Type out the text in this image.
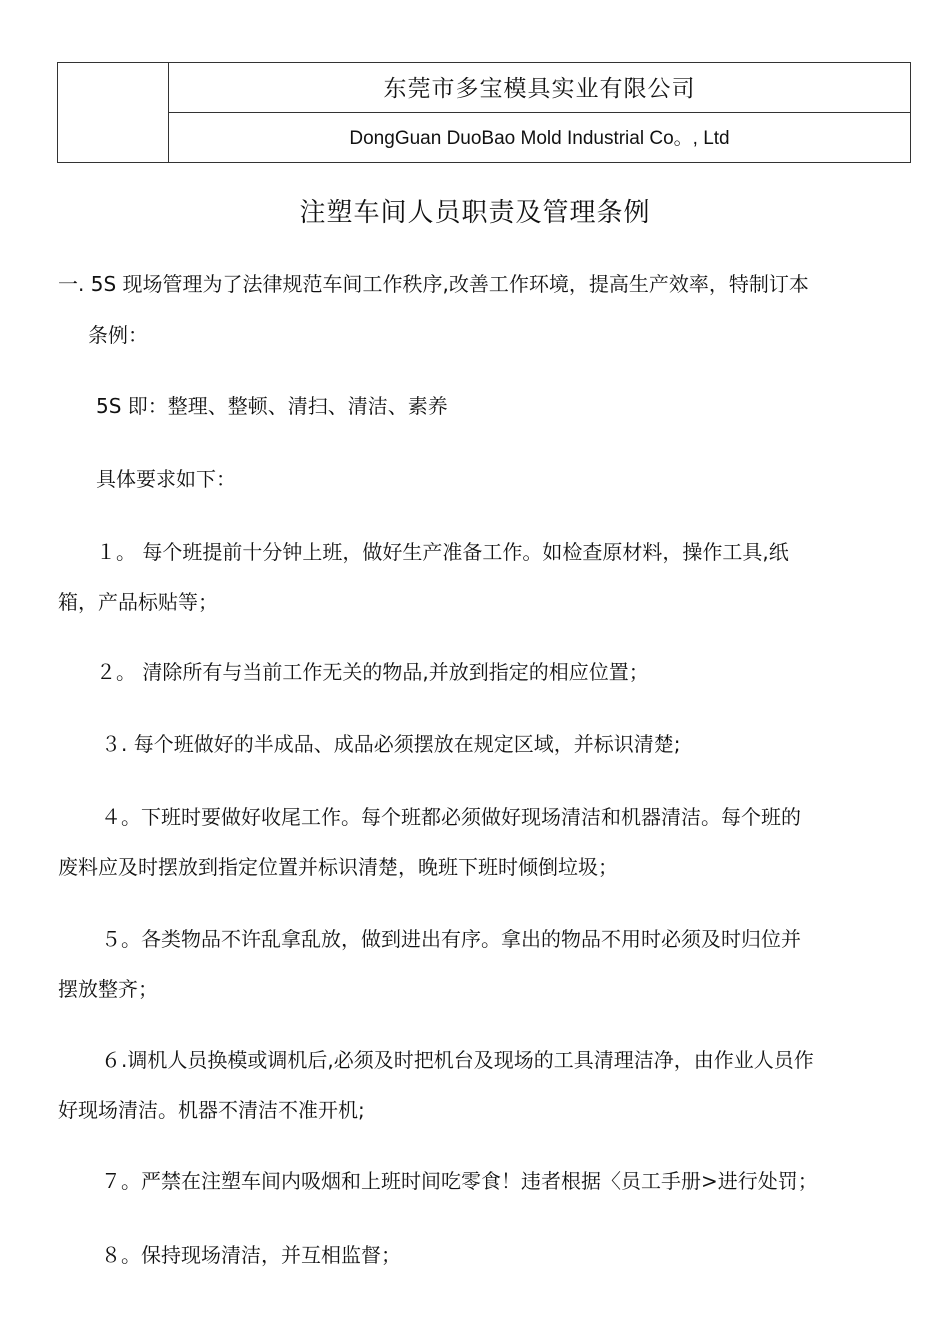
东莞市多宝模具实业有限公司
DongGuan DuoBao Mold Industrial Co。, Ltd
注塑车间人员职责及管理条例
一. 5S 现场管理为了法律规范车间工作秩序,改善工作环境，提高生产效率，特制订本
条例：
5S 即：整理、整顿、清扫、清洁、素养
具体要求如下：
１。 每个班提前十分钟上班，做好生产准备工作。如检查原材料，操作工具,纸
箱，产品标贴等；
２。 清除所有与当前工作无关的物品,并放到指定的相应位置；
３. 每个班做好的半成品、成品必须摆放在规定区域，并标识清楚;
４。下班时要做好收尾工作。每个班都必须做好现场清洁和机器清洁。每个班的
废料应及时摆放到指定位置并标识清楚，晚班下班时倾倒垃圾；
５。各类物品不许乱拿乱放，做到进出有序。拿出的物品不用时必须及时归位并
摆放整齐；
６.调机人员换模或调机后,必须及时把机台及现场的工具清理洁净，由作业人员作
好现场清洁。机器不清洁不准开机;
７。严禁在注塑车间内吸烟和上班时间吃零食！违者根据〈员工手册>进行处罚；
８。保持现场清洁，并互相监督；
